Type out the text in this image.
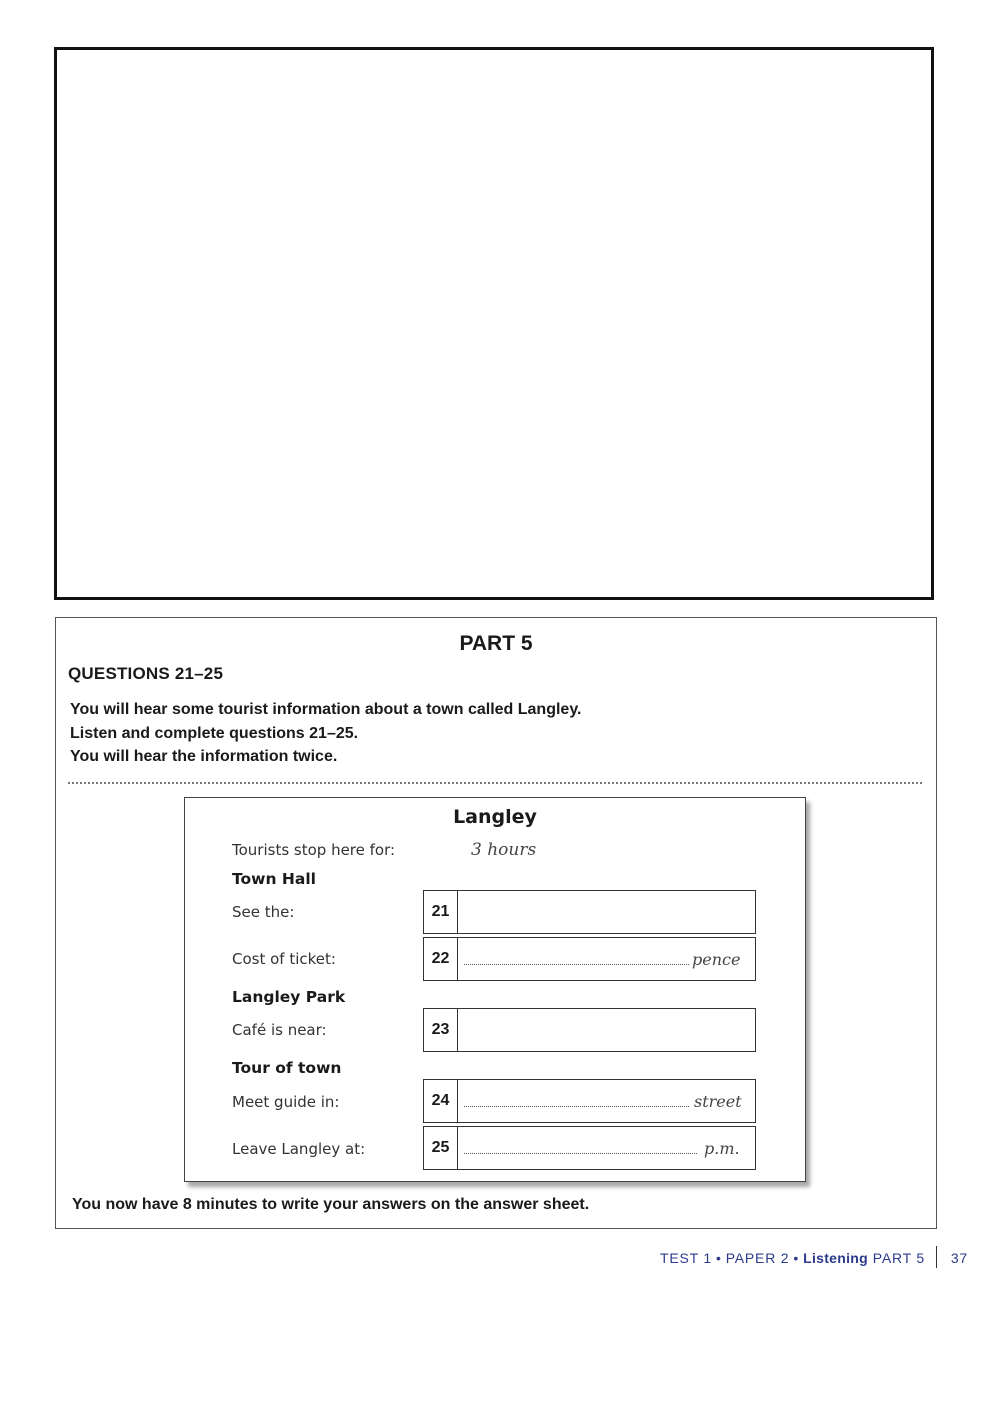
PART 5
QUESTIONS 21–25
You will hear some tourist information about a town called Langley.
Listen and complete questions 21–25.
You will hear the information twice.
Langley
Tourists stop here for:	3 hours
Town Hall
See the:	21
Cost of ticket:	22	pence
Langley Park
Café is near:	23
Tour of town
Meet guide in:	24	street
Leave Langley at:	25	p.m.
You now have 8 minutes to write your answers on the answer sheet.
TEST 1 • PAPER 2 • Listening PART 5 37
